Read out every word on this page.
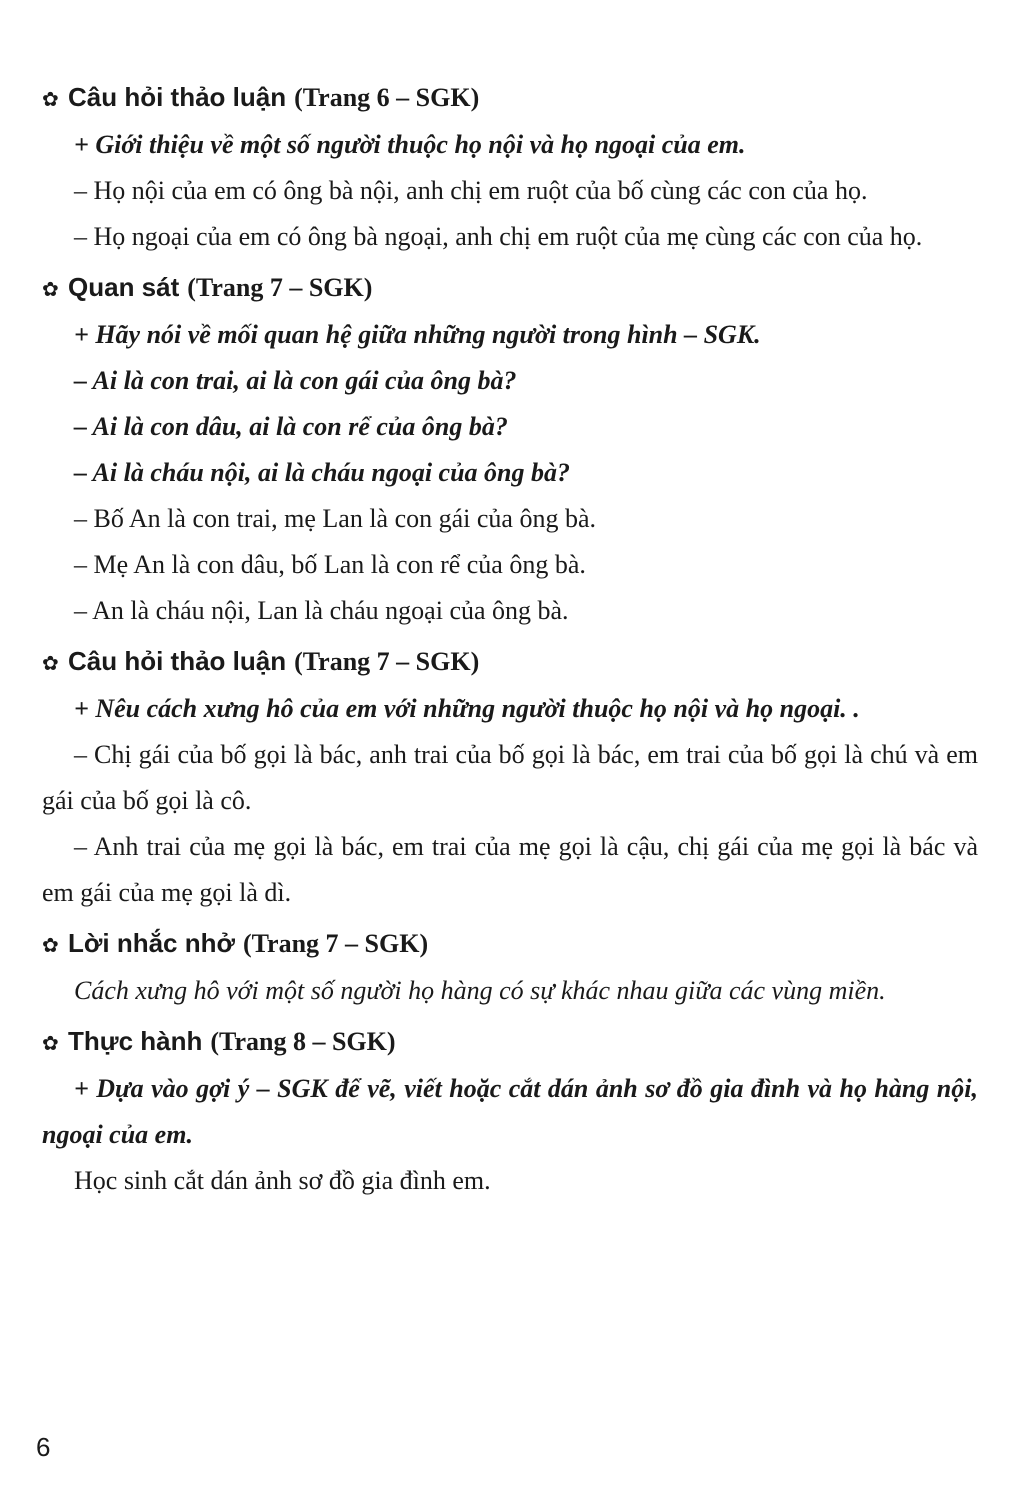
✿ Câu hỏi thảo luận (Trang 6 – SGK)

+ Giới thiệu về một số người thuộc họ nội và họ ngoại của em.

– Họ nội của em có ông bà nội, anh chị em ruột của bố cùng các con của họ.

– Họ ngoại của em có ông bà ngoại, anh chị em ruột của mẹ cùng các con của họ.

✿ Quan sát (Trang 7 – SGK)

+ Hãy nói về mối quan hệ giữa những người trong hình – SGK.

– Ai là con trai, ai là con gái của ông bà?

– Ai là con dâu, ai là con rể của ông bà?

– Ai là cháu nội, ai là cháu ngoại của ông bà?

– Bố An là con trai, mẹ Lan là con gái của ông bà.

– Mẹ An là con dâu, bố Lan là con rể của ông bà.

– An là cháu nội, Lan là cháu ngoại của ông bà.

✿ Câu hỏi thảo luận (Trang 7 – SGK)

+ Nêu cách xưng hô của em với những người thuộc họ nội và họ ngoại. .

– Chị gái của bố gọi là bác, anh trai của bố gọi là bác, em trai của bố gọi là chú và em gái của bố gọi là cô.

– Anh trai của mẹ gọi là bác, em trai của mẹ gọi là cậu, chị gái của mẹ gọi là bác và em gái của mẹ gọi là dì.

✿ Lời nhắc nhở (Trang 7 – SGK)

Cách xưng hô với một số người họ hàng có sự khác nhau giữa các vùng miền.

✿ Thực hành (Trang 8 – SGK)

+ Dựa vào gợi ý – SGK để vẽ, viết hoặc cắt dán ảnh sơ đồ gia đình và họ hàng nội, ngoại của em.

Học sinh cắt dán ảnh sơ đồ gia đình em.

6
